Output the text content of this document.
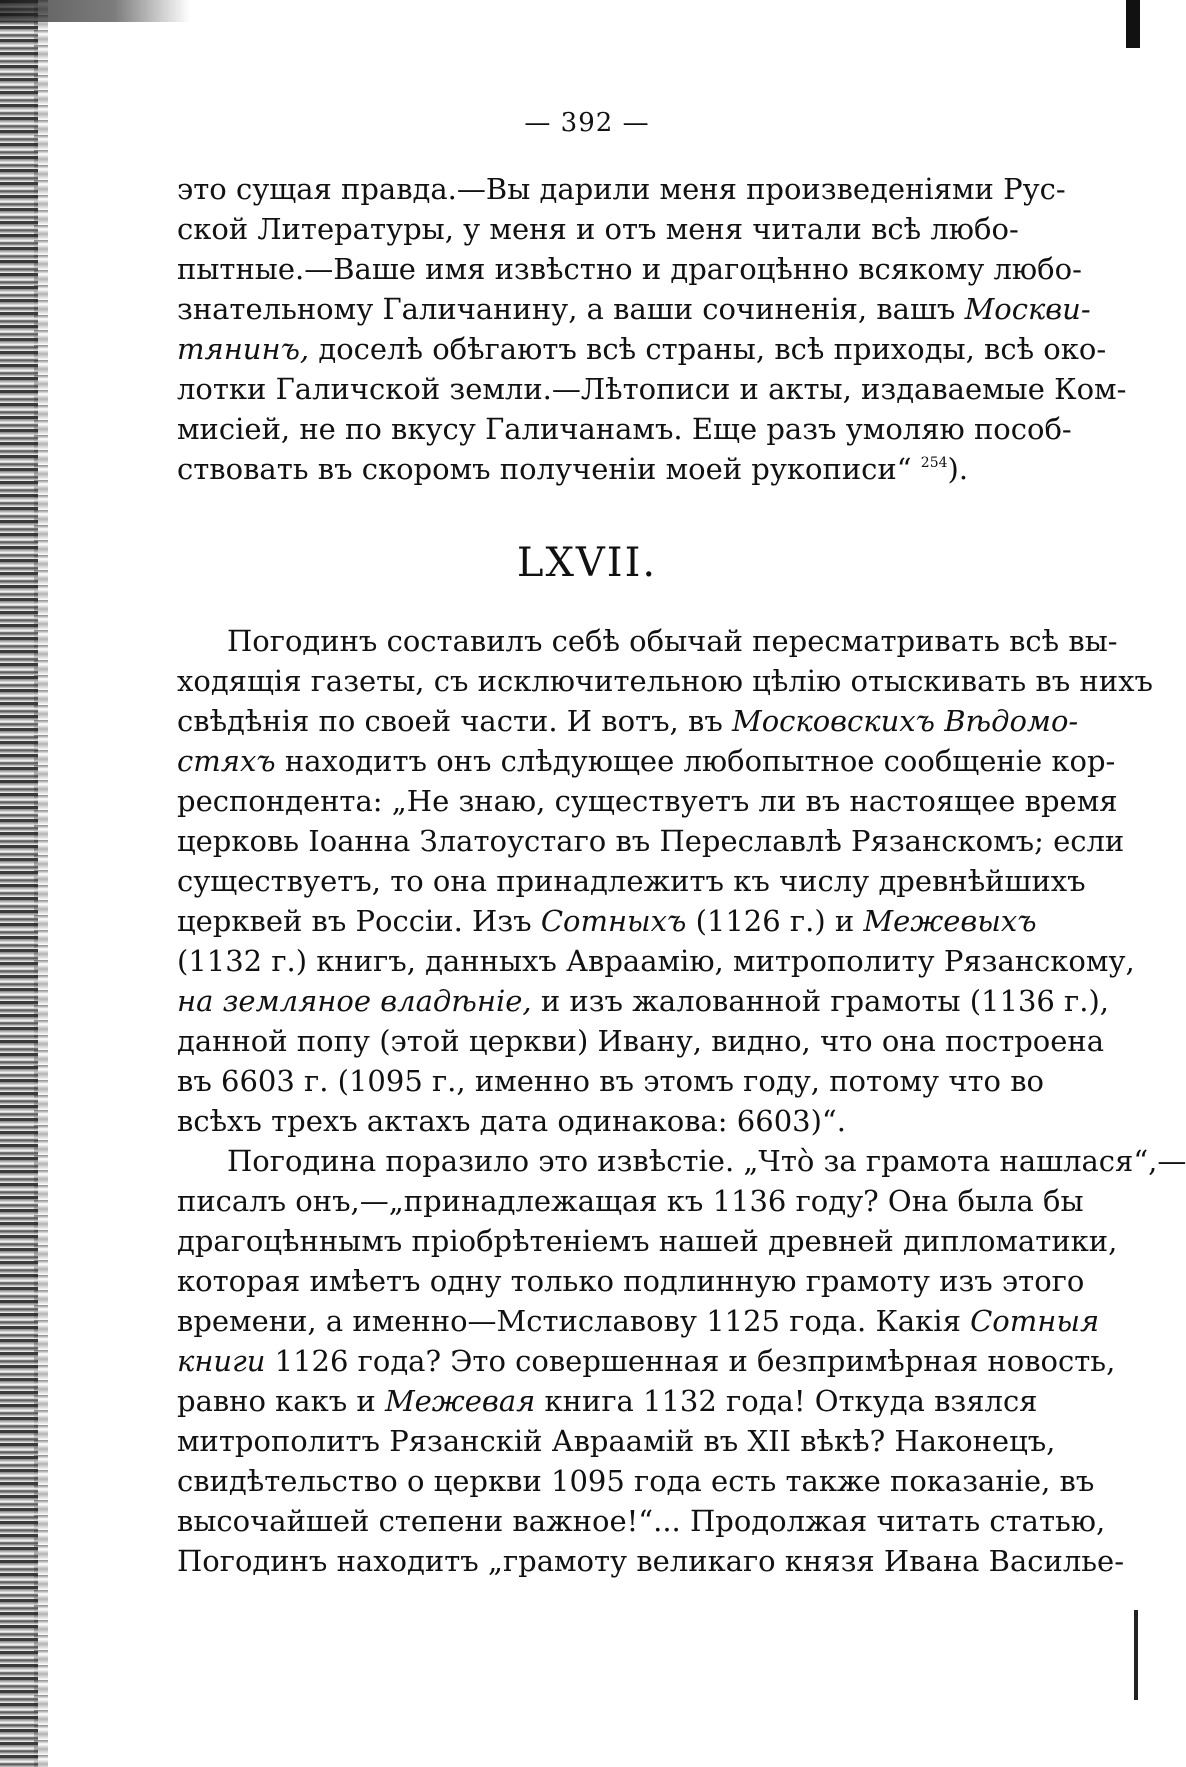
— 392 —
это сущая правда.—Вы дарили меня произведеніями Рус-
ской Литературы, у меня и отъ меня читали всѣ любо-
пытные.—Ваше имя извѣстно и драгоцѣнно всякому любо-
знательному Галичанину, а ваши сочиненія, вашъ Москви-
тянинъ, доселѣ обѣгаютъ всѣ страны, всѣ приходы, всѣ око-
лотки Галичской земли.—Лѣтописи и акты, издаваемые Ком-
мисіей, не по вкусу Галичанамъ. Еще разъ умоляю пособ-
ствовать въ скоромъ полученіи моей рукописи“ $^{254}$).
LXVII.
Погодинъ составилъ себѣ обычай пересматривать всѣ вы-
ходящія газеты, съ исключительною цѣлію отыскивать въ нихъ
свѣдѣнія по своей части. И вотъ, въ Московскихъ Вѣдомо-
стяхъ находитъ онъ слѣдующее любопытное сообщеніе кор-
респондента: „Не знаю, существуетъ ли въ настоящее время
церковь Іоанна Златоустаго въ Переславлѣ Рязанскомъ; если
существуетъ, то она принадлежитъ къ числу древнѣйшихъ
церквей въ Россіи. Изъ Сотныхъ (1126 г.) и Межевыхъ
(1132 г.) книгъ, данныхъ Авраамію, митрополиту Рязанскому,
на земляное владѣніе, и изъ жалованной грамоты (1136 г.),
данной попу (этой церкви) Ивану, видно, что она построена
въ 6603 г. (1095 г., именно въ этомъ году, потому что во
всѣхъ трехъ актахъ дата одинакова: 6603)“.
Погодина поразило это извѣстіе. „Чтò за грамота нашлася“,—
писалъ онъ,—„принадлежащая къ 1136 году? Она была бы
драгоцѣннымъ пріобрѣтеніемъ нашей древней дипломатики,
которая имѣетъ одну только подлинную грамоту изъ этого
времени, а именно—Мстиславову 1125 года. Какія Сотныя
книги 1126 года? Это совершенная и безпримѣрная новость,
равно какъ и Межевая книга 1132 года! Откуда взялся
митрополитъ Рязанскій Авраамій въ XII вѣкѣ? Наконецъ,
свидѣтельство о церкви 1095 года есть также показаніе, въ
высочайшей степени важное!“... Продолжая читать статью,
Погодинъ находитъ „грамоту великаго князя Ивана Василье-
